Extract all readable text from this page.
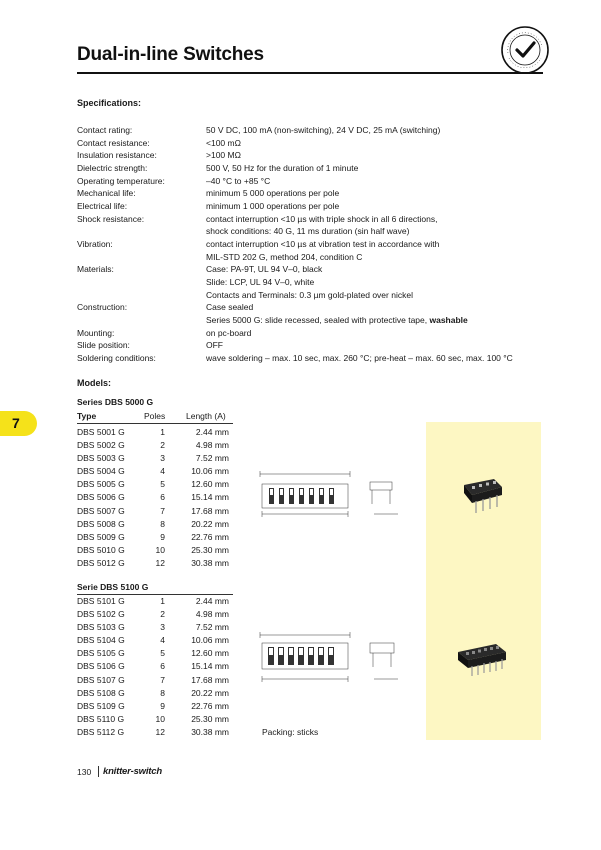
Dual-in-line Switches
Specifications:
Contact rating:	50 V DC, 100 mA (non-switching), 24 V DC, 25 mA (switching)
Contact resistance:	<100 mΩ
Insulation resistance:	>100 MΩ
Dielectric strength:	500 V, 50 Hz for the duration of 1 minute
Operating temperature:	–40 °C to +85 °C
Mechanical life:	minimum 5 000 operations per pole
Electrical life:	minimum 1 000 operations per pole
Shock resistance:	contact interruption <10 µs with triple shock in all 6 directions,
shock conditions: 40 G, 11 ms duration (sin half wave)
Vibration:	contact interruption <10 µs at vibration test in accordance with
MIL-STD 202 G, method 204, condition C
Materials:	Case: PA-9T, UL 94 V–0, black
Slide: LCP, UL 94 V–0, white
Contacts and Terminals: 0.3 µm gold-plated over nickel
Construction:	Case sealed
Series 5000 G: slide recessed, sealed with protective tape, washable
Mounting:	on pc-board
Slide position:	OFF
Soldering conditions:	wave soldering – max. 10 sec, max. 260 °C; pre-heat – max. 60 sec, max. 100 °C
Models:
7
Series DBS 5000 G
Type	Poles Length (A)
DBS 5001 G	1	2.44 mm
DBS 5002 G	2	4.98 mm
DBS 5003 G	3	7.52 mm
DBS 5004 G	4	10.06 mm
DBS 5005 G	5	12.60 mm
DBS 5006 G	6	15.14 mm
DBS 5007 G	7	17.68 mm
DBS 5008 G	8	20.22 mm
DBS 5009 G	9	22.76 mm
DBS 5010 G	10	25.30 mm
DBS 5012 G	12	30.38 mm
Serie DBS 5100 G
DBS 5101 G	1	2.44 mm
DBS 5102 G	2	4.98 mm
DBS 5103 G	3	7.52 mm
DBS 5104 G	4	10.06 mm
DBS 5105 G	5	12.60 mm
DBS 5106 G	6	15.14 mm
DBS 5107 G	7	17.68 mm
DBS 5108 G	8	20.22 mm
DBS 5109 G	9	22.76 mm
DBS 5110 G	10	25.30 mm
DBS 5112 G	12	30.38 mm	Packing: sticks
130 knitter-switch
